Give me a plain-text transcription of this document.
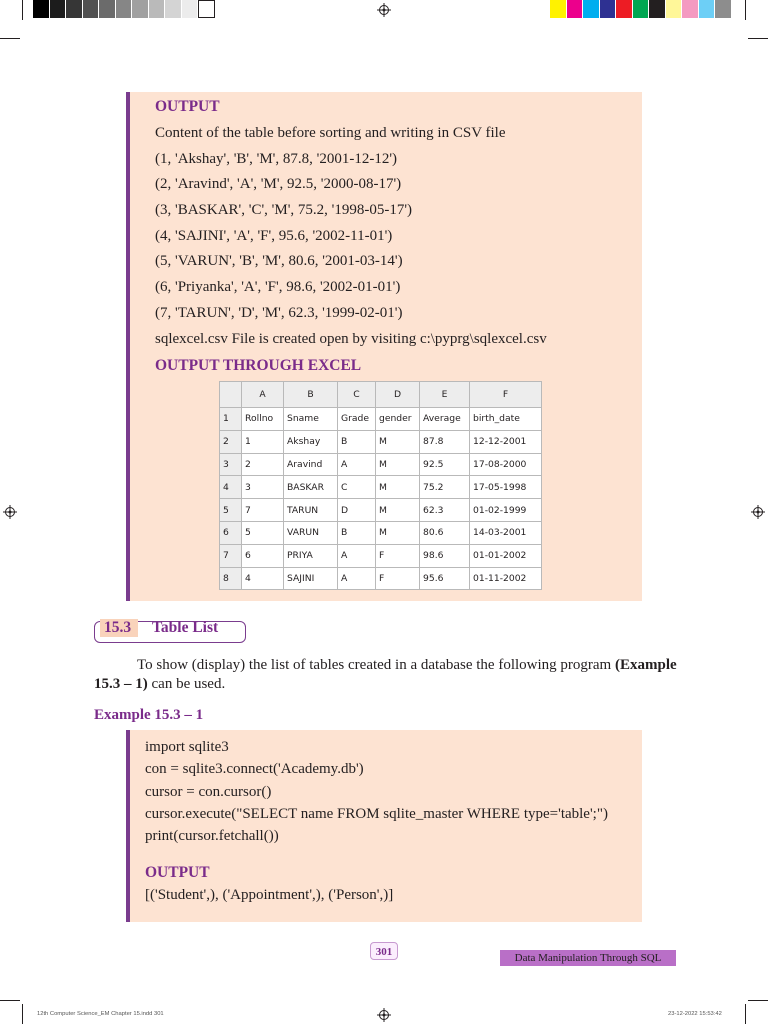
OUTPUT
Content of the table before sorting and writing in CSV file
(1, 'Akshay', 'B', 'M', 87.8, '2001-12-12')
(2, 'Aravind', 'A', 'M', 92.5, '2000-08-17')
(3, 'BASKAR', 'C', 'M', 75.2, '1998-05-17')
(4, 'SAJINI', 'A', 'F', 95.6, '2002-11-01')
(5, 'VARUN', 'B', 'M', 80.6, '2001-03-14')
(6, 'Priyanka', 'A', 'F', 98.6, '2002-01-01')
(7, 'TARUN', 'D', 'M', 62.3, '1999-02-01')
sqlexcel.csv File is created open by visiting c:\pyprg\sqlexcel.csv
OUTPUT THROUGH EXCEL
	A	B	C	D	E	F
1	Rollno	Sname	Grade	gender	Average	birth_date
2	1	Akshay	B	M	87.8	12-12-2001
3	2	Aravind	A	M	92.5	17-08-2000
4	3	BASKAR	C	M	75.2	17-05-1998
5	7	TARUN	D	M	62.3	01-02-1999
6	5	VARUN	B	M	80.6	14-03-2001
7	6	PRIYA	A	F	98.6	01-01-2002
8	4	SAJINI	A	F	95.6	01-11-2002
15.3	Table List
To show (display) the list of tables created in a database the following program (Example
15.3 – 1) can be used.
Example 15.3 – 1
import sqlite3
con = sqlite3.connect('Academy.db')
cursor = con.cursor()
cursor.execute("SELECT name FROM sqlite_master WHERE type='table';")
print(cursor.fetchall())
OUTPUT
[('Student',), ('Appointment',), ('Person',)]
301	Data Manipulation Through SQL
12th Computer Science_EM Chapter 15.indd 301	23-12-2022 15:53:42
